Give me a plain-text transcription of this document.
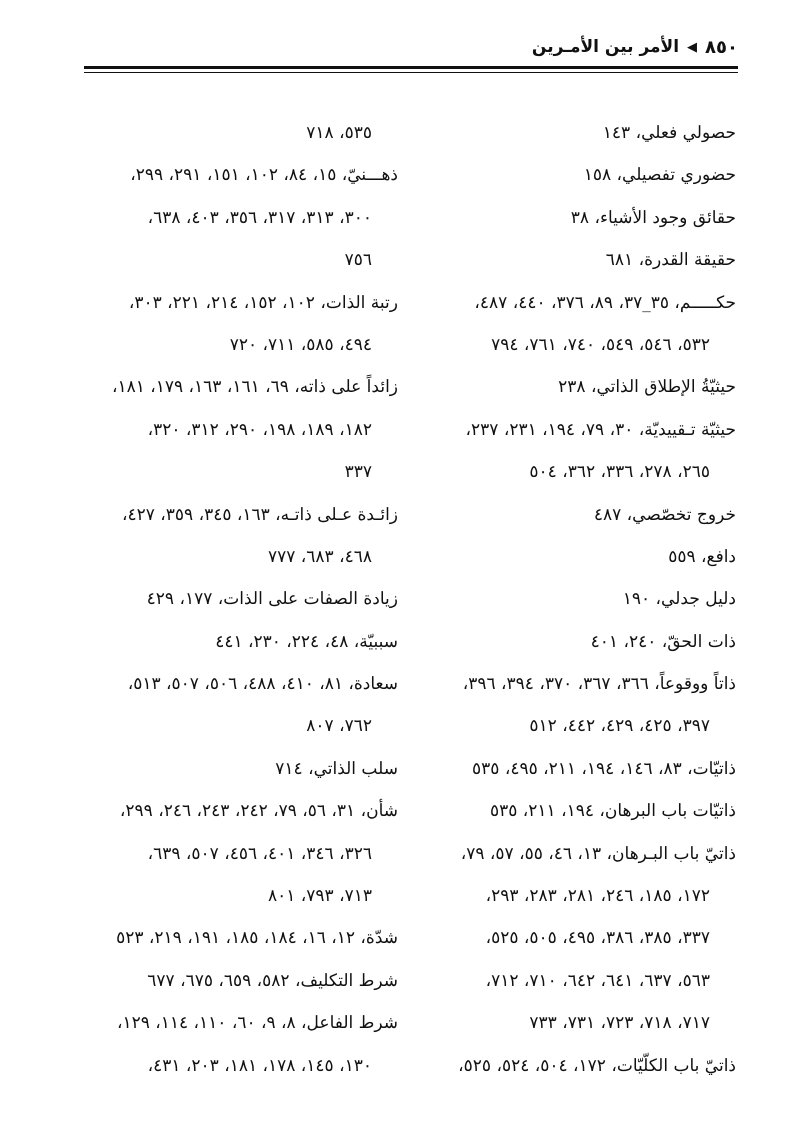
٨٥٠
◀
الأمر بين الأمـرين
حصولي فعلي، ١٤٣
حضوري تفصيلي، ١٥٨
حقائق وجود الأشياء، ٣٨
حقيقة القدرة، ٦٨١
حكـــــم، ٣٥_٣٧، ٨٩، ٣٧٦، ٤٤٠، ٤٨٧،
٥٣٢، ٥٤٦، ٥٤٩، ٧٤٠، ٧٦١، ٧٩٤
حيثيّةُ الإطلاق الذاتي، ٢٣٨
حيثيّة تـقييديّة، ٣٠، ٧٩، ١٩٤، ٢٣١، ٢٣٧،
٢٦٥، ٢٧٨، ٣٣٦، ٣٦٢، ٥٠٤
خروج تخصّصي، ٤٨٧
دافع، ٥٥٩
دليل جدلي، ١٩٠
ذات الحقّ، ٢٤٠، ٤٠١
ذاتاً ووقوعاً، ٣٦٦، ٣٦٧، ٣٧٠، ٣٩٤، ٣٩٦،
٣٩٧، ٤٢٥، ٤٢٩، ٤٤٢، ٥١٢
ذاتيّات، ٨٣، ١٤٦، ١٩٤، ٢١١، ٤٩٥، ٥٣٥
ذاتيّات باب البرهان، ١٩٤، ٢١١، ٥٣٥
ذاتيّ باب البـرهان، ١٣، ٤٦، ٥٥، ٥٧، ٧٩،
١٧٢، ١٨٥، ٢٤٦، ٢٨١، ٢٨٣، ٢٩٣،
٣٣٧، ٣٨٥، ٣٨٦، ٤٩٥، ٥٠٥، ٥٢٥،
٥٦٣، ٦٣٧، ٦٤١، ٦٤٢، ٧١٠، ٧١٢،
٧١٧، ٧١٨، ٧٢٣، ٧٣١، ٧٣٣
ذاتيّ باب الكلّيّات، ١٧٢، ٥٠٤، ٥٢٤، ٥٢٥،
٥٣٥، ٧١٨
ذهـــنيّ، ١٥، ٨٤، ١٠٢، ١٥١، ٢٩١، ٢٩٩،
٣٠٠، ٣١٣، ٣١٧، ٣٥٦، ٤٠٣، ٦٣٨،
٧٥٦
رتبة الذات، ١٠٢، ١٥٢، ٢١٤، ٢٢١، ٣٠٣،
٤٩٤، ٥٨٥، ٧١١، ٧٢٠
زائداً على ذاته، ٦٩، ١٦١، ١٦٣، ١٧٩، ١٨١،
١٨٢، ١٨٩، ١٩٨، ٢٩٠، ٣١٢، ٣٢٠،
٣٣٧
زائـدة عـلى ذاتـه، ١٦٣، ٣٤٥، ٣٥٩، ٤٢٧،
٤٦٨، ٦٨٣، ٧٧٧
زيادة الصفات على الذات، ١٧٧، ٤٢٩
سببيّة، ٤٨، ٢٢٤، ٢٣٠، ٤٤١
سعادة، ٨١، ٤١٠، ٤٨٨، ٥٠٦، ٥٠٧، ٥١٣،
٧٦٢، ٨٠٧
سلب الذاتي، ٧١٤
شأن، ٣١، ٥٦، ٧٩، ٢٤٢، ٢٤٣، ٢٤٦، ٢٩٩،
٣٢٦، ٣٤٦، ٤٠١، ٤٥٦، ٥٠٧، ٦٣٩،
٧١٣، ٧٩٣، ٨٠١
شدّة، ١٢، ١٦، ١٨٤، ١٨٥، ١٩١، ٢١٩، ٥٢٣
شرط التكليف، ٥٨٢، ٦٥٩، ٦٧٥، ٦٧٧
شرط الفاعل، ٨، ٩، ٦٠، ١١٠، ١١٤، ١٢٩،
١٣٠، ١٤٥، ١٧٨، ١٨١، ٢٠٣، ٤٣١،
